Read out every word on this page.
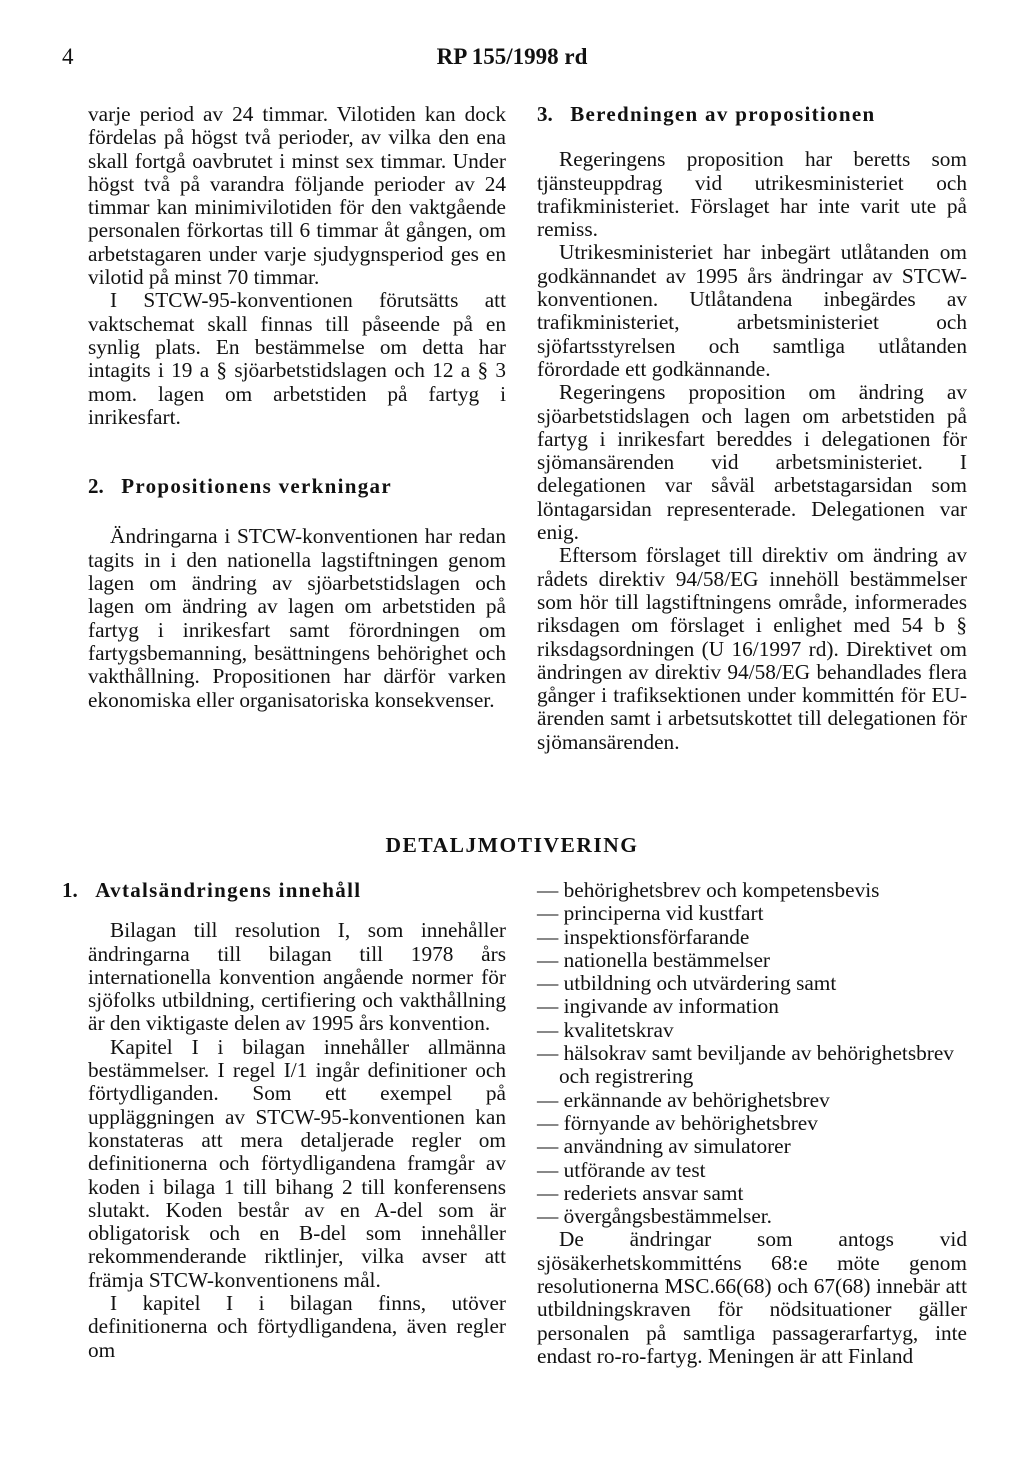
4	RP 155/1998 rd

varje period av 24 timmar. Vilotiden kan dock fördelas på högst två perioder, av vilka den ena skall fortgå oavbrutet i minst sex timmar. Under högst två på varandra följande perioder av 24 timmar kan minimivilotiden för den vaktgående personalen förkortas till 6 timmar åt gången, om arbetstagaren under varje sjudygnsperiod ges en vilotid på minst 70 timmar.

I STCW-95-konventionen förutsätts att vaktschemat skall finnas till påseende på en synlig plats. En bestämmelse om detta har intagits i 19 a § sjöarbetstidslagen och 12 a § 3 mom. lagen om arbetstiden på fartyg i inrikesfart.

2. Propositionens verkningar

Ändringarna i STCW-konventionen har redan tagits in i den nationella lagstiftningen genom lagen om ändring av sjöarbetstidslagen och lagen om ändring av lagen om arbetstiden på fartyg i inrikesfart samt förordningen om fartygsbemanning, besättningens behörighet och vakthållning. Propositionen har därför varken ekonomiska eller organisatoriska konsekvenser.

3. Beredningen av propositionen

Regeringens proposition har beretts som tjänsteuppdrag vid utrikesministeriet och trafikministeriet. Förslaget har inte varit ute på remiss.

Utrikesministeriet har inbegärt utlåtanden om godkännandet av 1995 års ändringar av STCW-konventionen. Utlåtandena inbegärdes av trafikministeriet, arbetsministeriet och sjöfartsstyrelsen och samtliga utlåtanden förordade ett godkännande.

Regeringens proposition om ändring av sjöarbetstidslagen och lagen om arbetstiden på fartyg i inrikesfart bereddes i delegationen för sjömansärenden vid arbetsministeriet. I delegationen var såväl arbetstagarsidan som löntagarsidan representerade. Delegationen var enig.

Eftersom förslaget till direktiv om ändring av rådets direktiv 94/58/EG innehöll bestämmelser som hör till lagstiftningens område, informerades riksdagen om förslaget i enlighet med 54 b § riksdagsordningen (U 16/1997 rd). Direktivet om ändringen av direktiv 94/58/EG behandlades flera gånger i trafiksektionen under kommittén för EU-ärenden samt i arbetsutskottet till delegationen för sjömansärenden.

DETALJMOTIVERING
1. Avtalsändringens innehåll

Bilagan till resolution I, som innehåller ändringarna till bilagan till 1978 års internationella konvention angående normer för sjöfolks utbildning, certifiering och vakthållning är den viktigaste delen av 1995 års konvention.

Kapitel I i bilagan innehåller allmänna bestämmelser. I regel I/1 ingår definitioner och förtydliganden. Som ett exempel på uppläggningen av STCW-95-konventionen kan konstateras att mera detaljerade regler om definitionerna och förtydligandena framgår av koden i bilaga 1 till bihang 2 till konferensens slutakt. Koden består av en A-del som är obligatorisk och en B-del som innehåller rekommenderande riktlinjer, vilka avser att främja STCW-konventionens mål.

I kapitel I i bilagan finns, utöver definitionerna och förtydligandena, även regler om

— behörighetsbrev och kompetensbevis
— principerna vid kustfart
— inspektionsförfarande
— nationella bestämmelser
— utbildning och utvärdering samt
— ingivande av information
— kvalitetskrav
— hälsokrav samt beviljande av behörighetsbrev och registrering
— erkännande av behörighetsbrev
— förnyande av behörighetsbrev
— användning av simulatorer
— utförande av test
— rederiets ansvar samt
— övergångsbestämmelser.

De ändringar som antogs vid sjösäkerhetskommitténs 68:e möte genom resolutionerna MSC.66(68) och 67(68) innebär att utbildningskraven för nödsituationer gäller personalen på samtliga passagerarfartyg, inte endast ro-ro-fartyg. Meningen är att Finland
